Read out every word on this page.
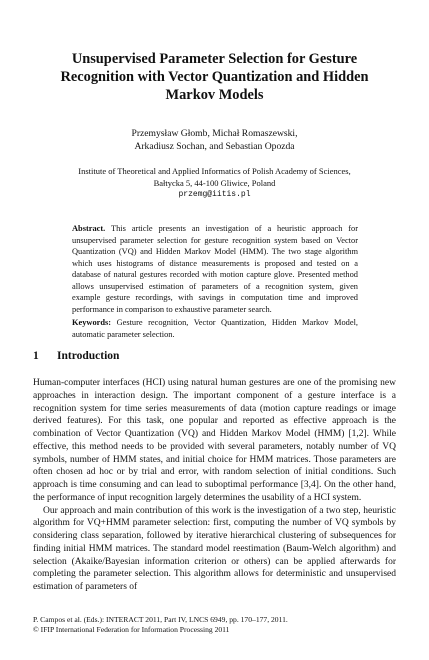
Unsupervised Parameter Selection for Gesture
Recognition with Vector Quantization and Hidden
Markov Models
Przemysław Głomb, Michał Romaszewski,
Arkadiusz Sochan, and Sebastian Opozda
Institute of Theoretical and Applied Informatics of Polish Academy of Sciences,
Bałtycka 5, 44-100 Gliwice, Poland
przemg@iitis.pl

Abstract. This article presents an investigation of a heuristic approach for unsupervised parameter selection for gesture recognition system based on Vector Quantization (VQ) and Hidden Markov Model (HMM). The two stage algorithm which uses histograms of distance measurements is proposed and tested on a database of natural gestures recorded with motion capture glove. Presented method allows unsupervised estimation of parameters of a recognition system, given example gesture recordings, with savings in computation time and improved performance in comparison to exhaustive parameter search.

Keywords: Gesture recognition, Vector Quantization, Hidden Markov Model, automatic parameter selection.
1 Introduction

Human-computer interfaces (HCI) using natural human gestures are one of the promising new approaches in interaction design. The important component of a gesture interface is a recognition system for time series measurements of data (motion capture readings or image derived features). For this task, one popular and reported as effective approach is the combination of Vector Quantization (VQ) and Hidden Markov Model (HMM) [1,2]. While effective, this method needs to be provided with several parameters, notably number of VQ symbols, number of HMM states, and initial choice for HMM matrices. Those parameters are often chosen ad hoc or by trial and error, with random selection of initial conditions. Such approach is time consuming and can lead to suboptimal performance [3,4]. On the other hand, the performance of input recognition largely determines the usability of a HCI system.

Our approach and main contribution of this work is the investigation of a two step, heuristic algorithm for VQ+HMM parameter selection: first, computing the number of VQ symbols by considering class separation, followed by iterative hierarchical clustering of subsequences for finding initial HMM matrices. The standard model reestimation (Baum-Welch algorithm) and selection (Akaike/Bayesian information criterion or others) can be applied afterwards for completing the parameter selection. This algorithm allows for deterministic and unsupervised estimation of parameters of

P. Campos et al. (Eds.): INTERACT 2011, Part IV, LNCS 6949, pp. 170–177, 2011.
© IFIP International Federation for Information Processing 2011
